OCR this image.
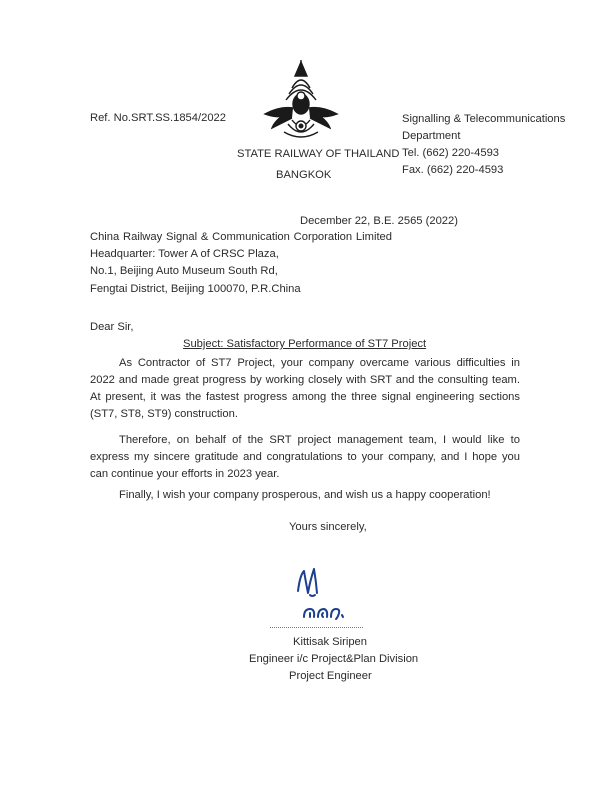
Ref. No.SRT.SS.1854/2022	Signalling & Telecommunications
Department
Tel. (662) 220-4593
Fax. (662) 220-4593
STATE RAILWAY OF THAILAND
BANGKOK
December 22, B.E. 2565 (2022)
China Railway Signal & Communication Corporation Limited
Headquarter: Tower A of CRSC Plaza,
No.1, Beijing Auto Museum South Rd,
Fengtai District, Beijing 100070, P.R.China
Dear Sir,
Subject: Satisfactory Performance of ST7 Project
As Contractor of ST7 Project, your company overcame various difficulties in 2022 and made great progress by working closely with SRT and the consulting team. At present, it was the fastest progress among the three signal engineering sections (ST7, ST8, ST9) construction.
Therefore, on behalf of the SRT project management team, I would like to express my sincere gratitude and congratulations to your company, and I hope you can continue your efforts in 2023 year.
Finally, I wish your company prosperous, and wish us a happy cooperation!
Yours sincerely,
Kittisak Siripen
Engineer i/c Project&Plan Division
Project Engineer
